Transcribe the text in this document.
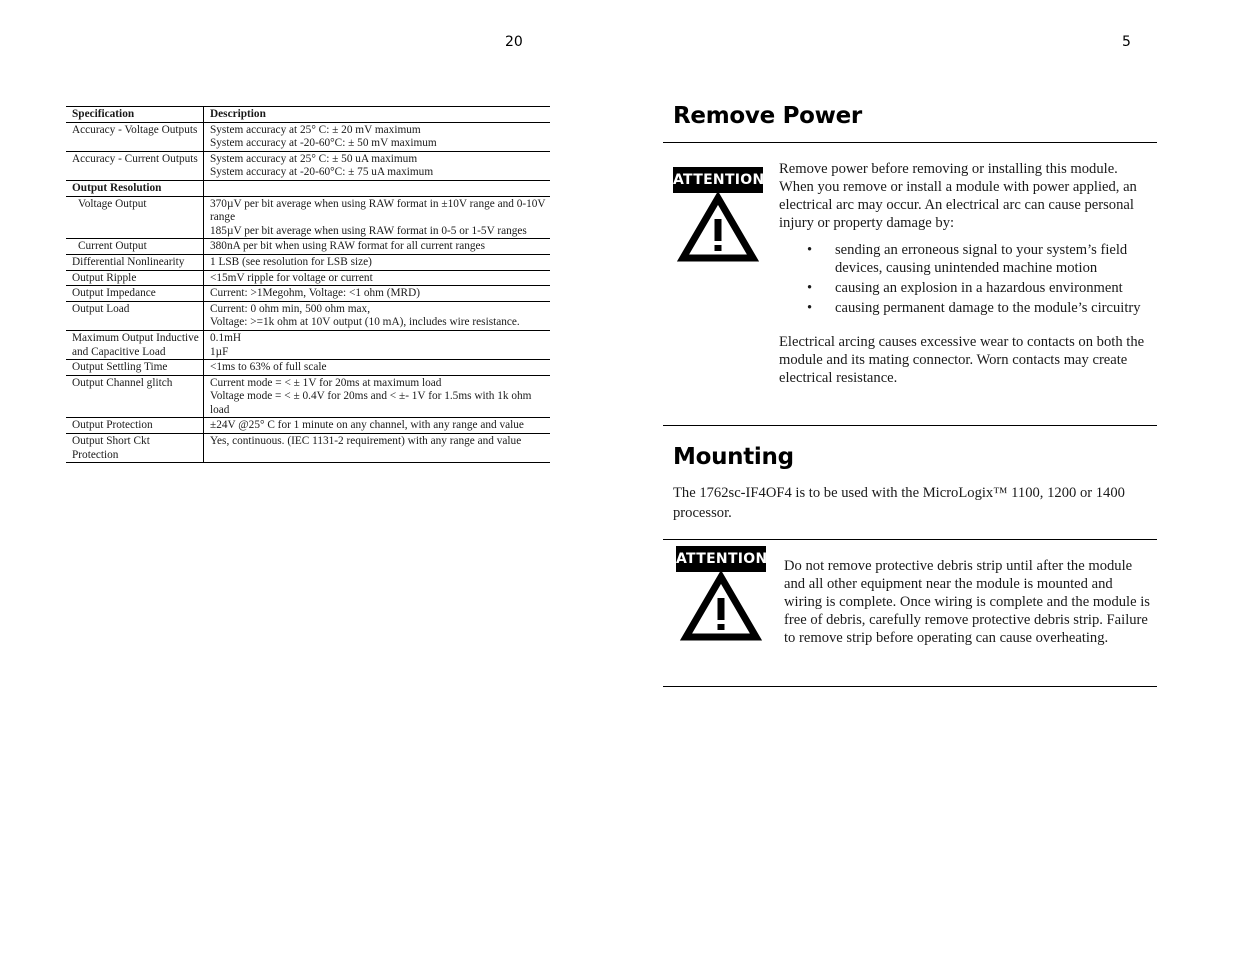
20
Specification	Description
Accuracy - Voltage Outputs	System accuracy at 25° C: ± 20 mV maximum
System accuracy at -20-60°C: ± 50 mV maximum

Accuracy - Current Outputs	System accuracy at 25° C: ± 50 uA maximum
System accuracy at -20-60°C: ± 75 uA maximum

Output Resolution	
Voltage Output	370µV per bit average when using RAW format in ±10V range and 0-10V range
185µV per bit average when using RAW format in 0-5 or 1-5V ranges

Current Output	380nA per bit when using RAW format for all current ranges
Differential Nonlinearity	1 LSB (see resolution for LSB size)
Output Ripple	<15mV ripple for voltage or current
Output Impedance	Current: >1Megohm, Voltage: <1 ohm (MRD)
Output Load	Current: 0 ohm min, 500 ohm max,
Voltage: >=1k ohm at 10V output (10 mA), includes wire resistance.

Maximum Output Inductive and Capacitive Load	0.1mH
1µF

Output Settling Time	<1ms to 63% of full scale
Output Channel glitch	Current mode = < ± 1V for 20ms at maximum load
Voltage mode = < ± 0.4V for 20ms and < ±- 1V for 1.5ms with 1k ohm load

Output Protection	±24V @25° C for 1 minute on any channel, with any range and value
Output Short Ckt Protection	Yes, continuous. (IEC 1131-2 requirement) with any range and value
5
Remove Power
ATTENTION
Remove power before removing or installing this module. When you remove or install a module with power applied, an electrical arc may occur. An electrical arc can cause personal injury or property damage by:
• sending an erroneous signal to your system’s field devices, causing unintended machine motion
• causing an explosion in a hazardous environment
• causing permanent damage to the module’s circuitry
Electrical arcing causes excessive wear to contacts on both the module and its mating connector. Worn contacts may create electrical resistance.
Mounting
The 1762sc-IF4OF4 is to be used with the MicroLogix™ 1100, 1200 or 1400 processor.
ATTENTION Do not remove protective debris strip until after the module and all other equipment near the module is mounted and wiring is complete. Once wiring is complete and the module is free of debris, carefully remove protective debris strip. Failure to remove strip before operating can cause overheating.
